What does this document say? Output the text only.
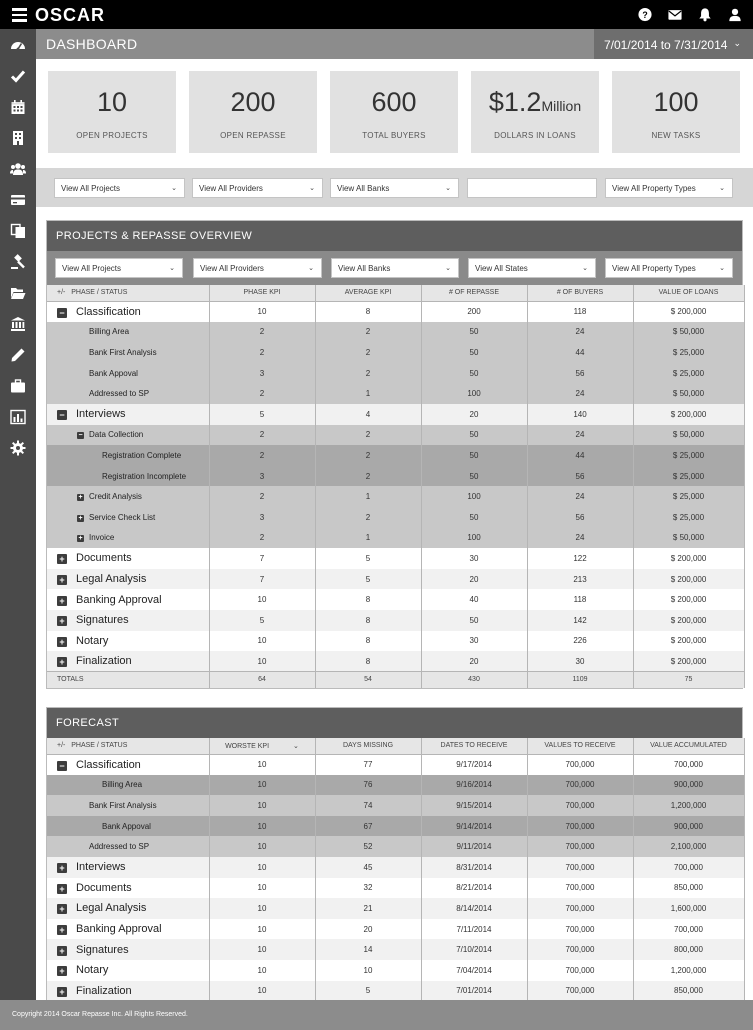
OSCAR	?
DASHBOARD	7/01/2014 to 7/31/2014 ⌄
10
OPEN PROJECTS
200
OPEN REPASSE
600
TOTAL BUYERS
$1.2Million
DOLLARS IN LOANS
100
NEW TASKS
View All Projects	⌄	View All Providers	⌄	View All Banks	⌄	View All Property Types	⌄
PROJECTS & REPASSE OVERVIEW
View All Projects	⌄	View All Providers	⌄	View All Banks	⌄	View All States	⌄	View All Property Types	⌄
+/- PHASE / STATUS	PHASE KPI	AVERAGE KPI	# OF REPASSE	# OF BUYERS	VALUE OF LOANS
− Classification	10	8	200	118	$ 200,000
Billing Area	2	2	50	24	$ 50,000
Bank First Analysis	2	2	50	44	$ 25,000
Bank Appoval	3	2	50	56	$ 25,000
Addressed to SP	2	1	100	24	$ 50,000
− Interviews	5	4	20	140	$ 200,000
− Data Collection	2	2	50	24	$ 50,000
Registration Complete	2	2	50	44	$ 25,000
Registration Incomplete	3	2	50	56	$ 25,000
+ Credit Analysis	2	1	100	24	$ 25,000
+ Service Check List	3	2	50	56	$ 25,000
+ Invoice	2	1	100	24	$ 50,000
+ Documents	7	5	30	122	$ 200,000
+ Legal Analysis	7	5	20	213	$ 200,000
+ Banking Approval	10	8	40	118	$ 200,000
+ Signatures	5	8	50	142	$ 200,000
+ Notary	10	8	30	226	$ 200,000
+ Finalization	10	8	20	30	$ 200,000
TOTALS	64	54	430	1109	75
FORECAST
+/- PHASE / STATUS	WORSTE KPI ⌄	DAYS MISSING	DATES TO RECEIVE	VALUES TO RECEIVE	VALUE ACCUMULATED
− Classification	10	77	9/17/2014	700,000	700,000
Billing Area	10	76	9/16/2014	700,000	900,000
Bank First Analysis	10	74	9/15/2014	700,000	1,200,000
Bank Appoval	10	67	9/14/2014	700,000	900,000
Addressed to SP	10	52	9/11/2014	700,000	2,100,000
+ Interviews	10	45	8/31/2014	700,000	700,000
+ Documents	10	32	8/21/2014	700,000	850,000
+ Legal Analysis	10	21	8/14/2014	700,000	1,600,000
+ Banking Approval	10	20	7/11/2014	700,000	700,000
+ Signatures	10	14	7/10/2014	700,000	800,000
+ Notary	10	10	7/04/2014	700,000	1,200,000
+ Finalization	10	5	7/01/2014	700,000	850,000
Copyright 2014 Oscar Repasse Inc. All Rights Reserved.
